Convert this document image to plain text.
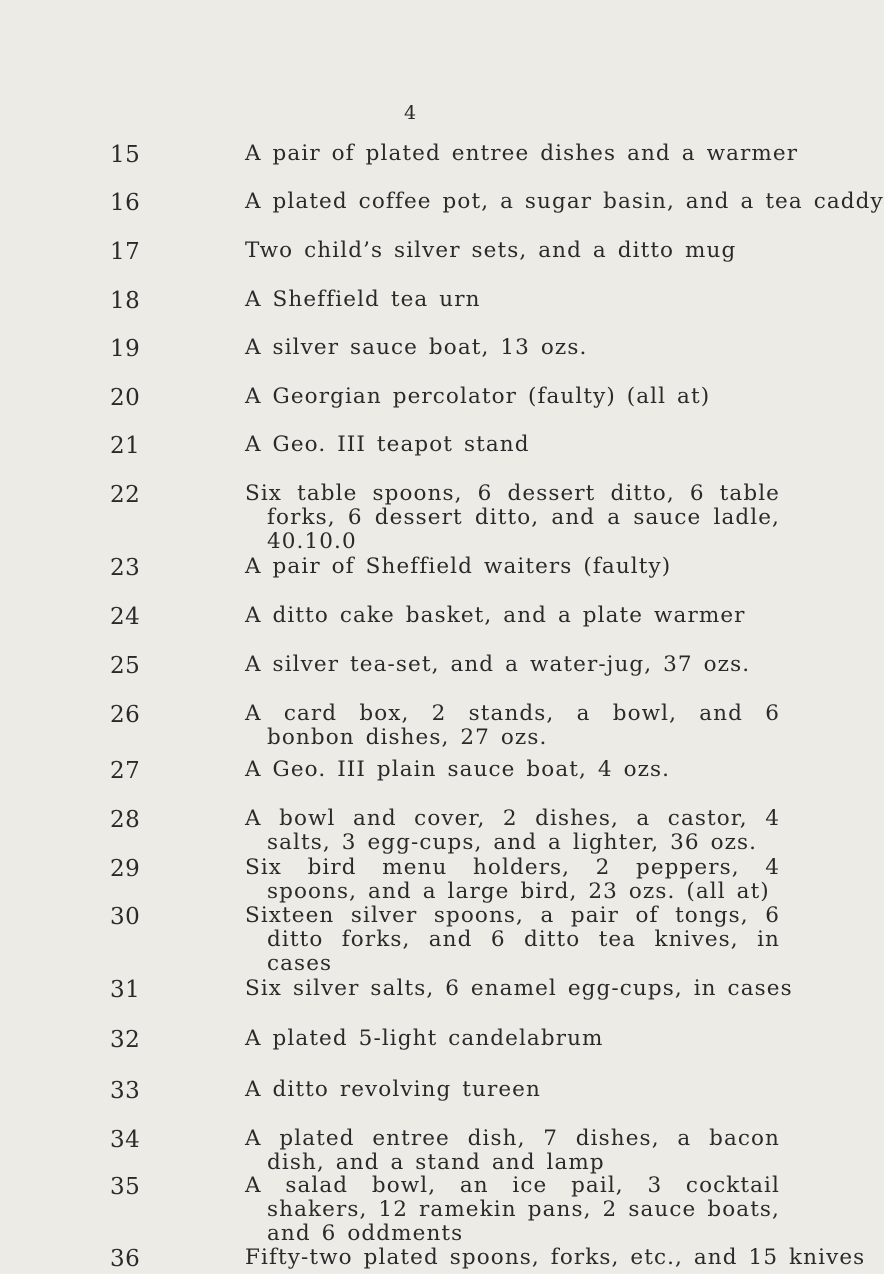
4
15	A pair of plated entree dishes and a warmer
16	A plated coffee pot, a sugar basin, and a tea caddy
17	Two child’s silver sets, and a ditto mug
18	A Sheffield tea urn
19	A silver sauce boat, 13 ozs.
20	A Georgian percolator (faulty) (all at)
21	A Geo. III teapot stand
22	Six table spoons, 6 dessert ditto, 6 table forks, 6 dessert ditto, and a sauce ladle, 40.10.0
23	A pair of Sheffield waiters (faulty)
24	A ditto cake basket, and a plate warmer
25	A silver tea-set, and a water-jug, 37 ozs.
26	A card box, 2 stands, a bowl, and 6 bonbon dishes, 27 ozs.
27	A Geo. III plain sauce boat, 4 ozs.
28	A bowl and cover, 2 dishes, a castor, 4 salts, 3 egg-cups, and a lighter, 36 ozs.
29	Six bird menu holders, 2 peppers, 4 spoons, and a large bird, 23 ozs. (all at)
30	Sixteen silver spoons, a pair of tongs, 6 ditto forks, and 6 ditto tea knives, in cases
31	Six silver salts, 6 enamel egg-cups, in cases
32	A plated 5-light candelabrum
33	A ditto revolving tureen
34	A plated entree dish, 7 dishes, a bacon dish, and a stand and lamp
35	A salad bowl, an ice pail, 3 cocktail shakers, 12 ramekin pans, 2 sauce boats, and 6 oddments
36	Fifty-two plated spoons, forks, etc., and 15 knives
